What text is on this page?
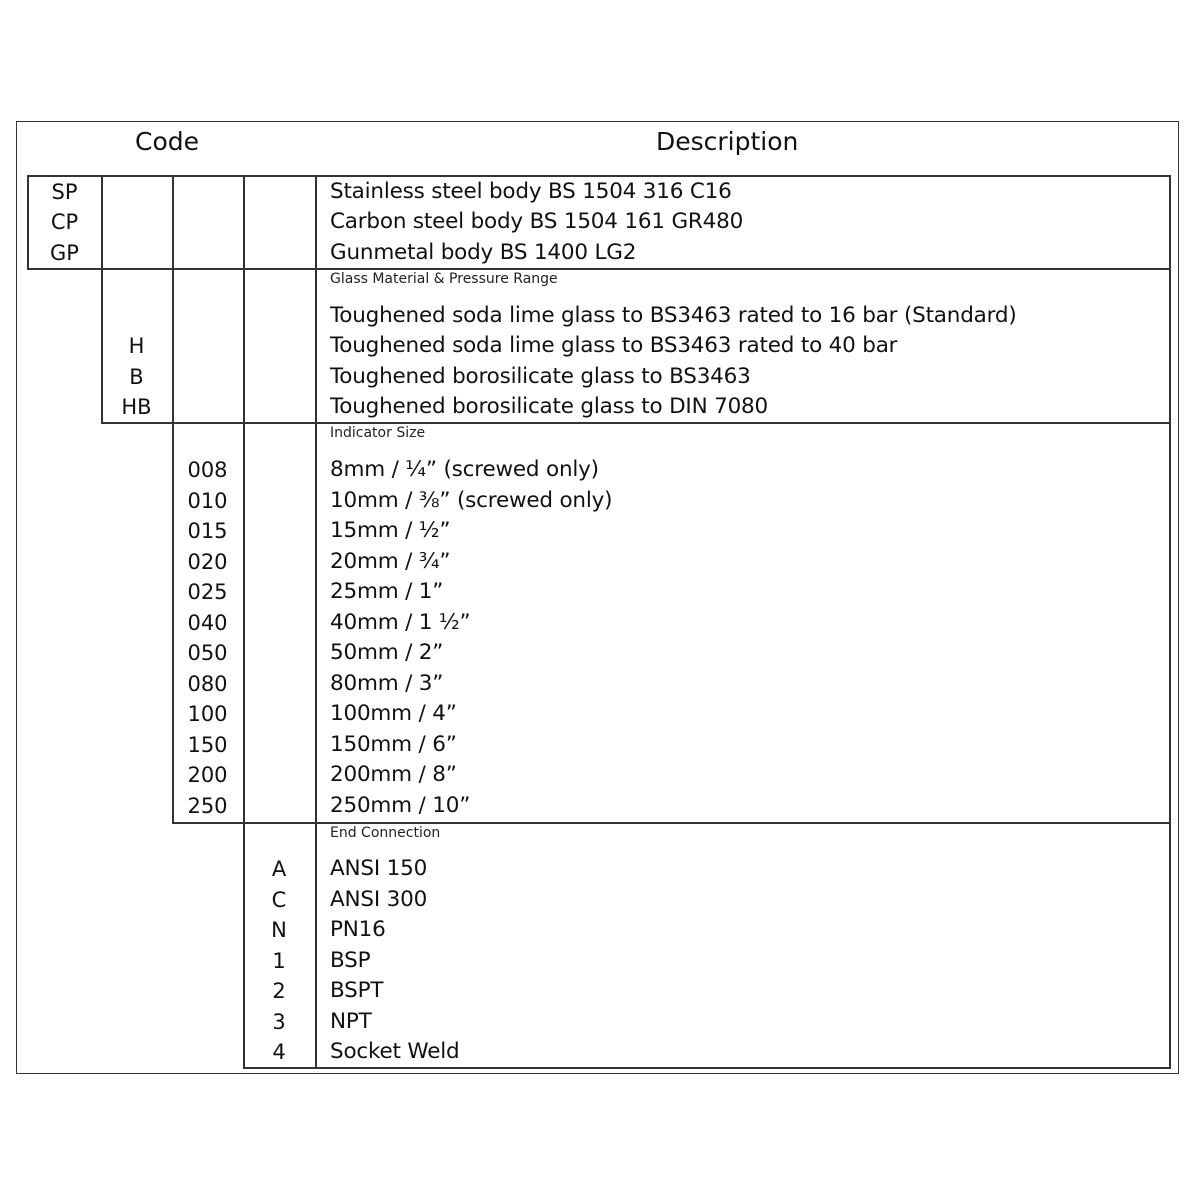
Code	Description
SP
CP
GP
Stainless steel body BS 1504 316 C16
Carbon steel body BS 1504 161 GR480
Gunmetal body BS 1400 LG2
Glass Material & Pressure Range
H
B
HB
Toughened soda lime glass to BS3463 rated to 16 bar (Standard)
Toughened soda lime glass to BS3463 rated to 40 bar
Toughened borosilicate glass to BS3463
Toughened borosilicate glass to DIN 7080
Indicator Size
008
010
015
020
025
040
050
080
100
150
200
250
8mm / ¼” (screwed only)
10mm / ⅜” (screwed only)
15mm / ½”
20mm / ¾”
25mm / 1”
40mm / 1 ½”
50mm / 2”
80mm / 3”
100mm / 4”
150mm / 6”
200mm / 8”
250mm / 10”
End Connection
A
C
N
1
2
3
4
ANSI 150
ANSI 300
PN16
BSP
BSPT
NPT
Socket Weld
